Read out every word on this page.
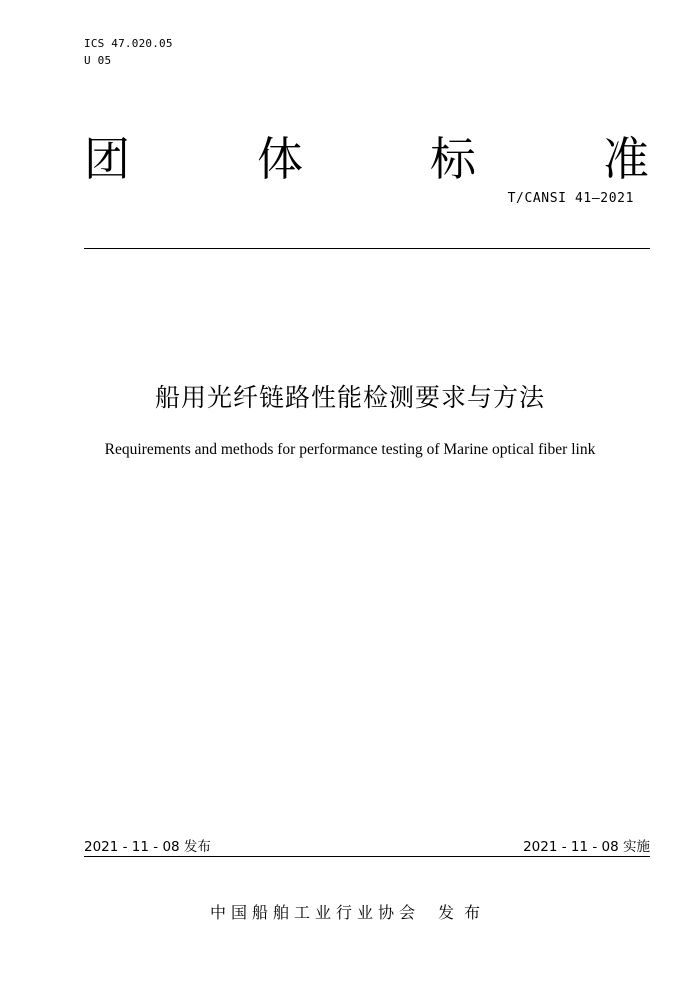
ICS 47.020.05
U 05
团	体	标	准
T/CANSI 41—2021
船用光纤链路性能检测要求与方法
Requirements and methods for performance testing of Marine optical fiber link
2021 - 11 - 08 发布	2021 - 11 - 08 实施
中国船舶工业行业协会 发布
